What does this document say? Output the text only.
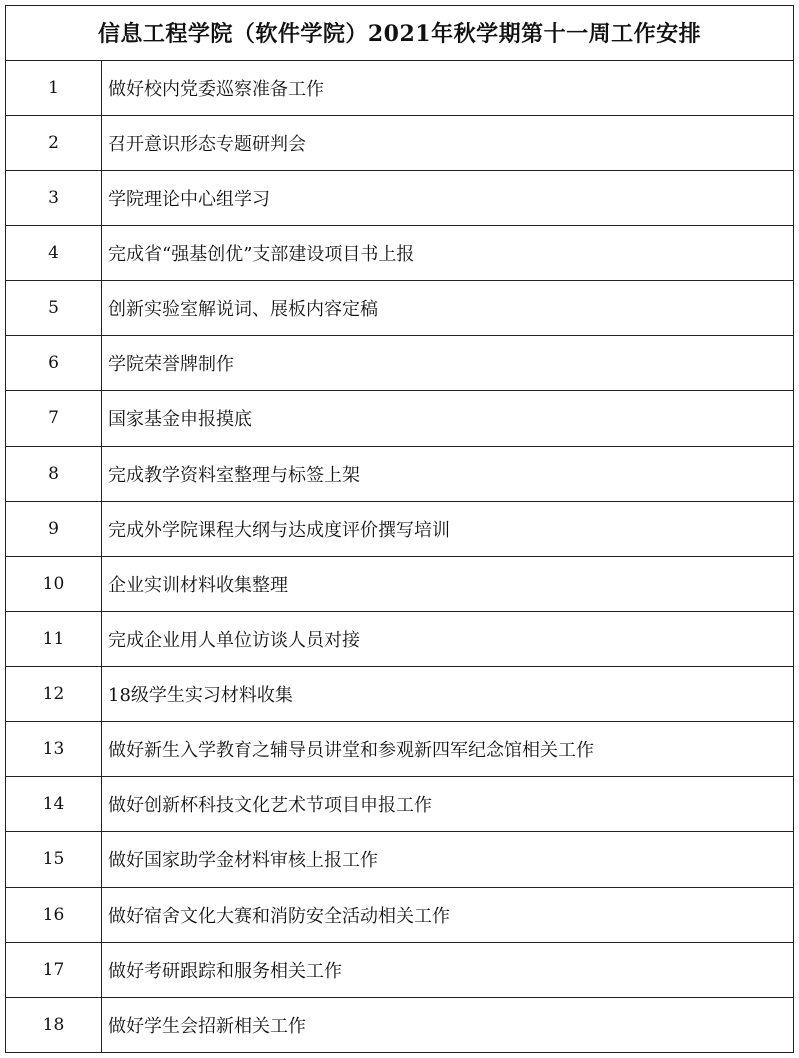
信息工程学院（软件学院）2021年秋学期第十一周工作安排	
1	做好校内党委巡察准备工作
2	召开意识形态专题研判会
3	学院理论中心组学习
4	完成省“强基创优”支部建设项目书上报
5	创新实验室解说词、展板内容定稿
6	学院荣誉牌制作
7	国家基金申报摸底
8	完成教学资料室整理与标签上架
9	完成外学院课程大纲与达成度评价撰写培训
10	企业实训材料收集整理
11	完成企业用人单位访谈人员对接
12	18级学生实习材料收集
13	做好新生入学教育之辅导员讲堂和参观新四军纪念馆相关工作
14	做好创新杯科技文化艺术节项目申报工作
15	做好国家助学金材料审核上报工作
16	做好宿舍文化大赛和消防安全活动相关工作
17	做好考研跟踪和服务相关工作
18	做好学生会招新相关工作
